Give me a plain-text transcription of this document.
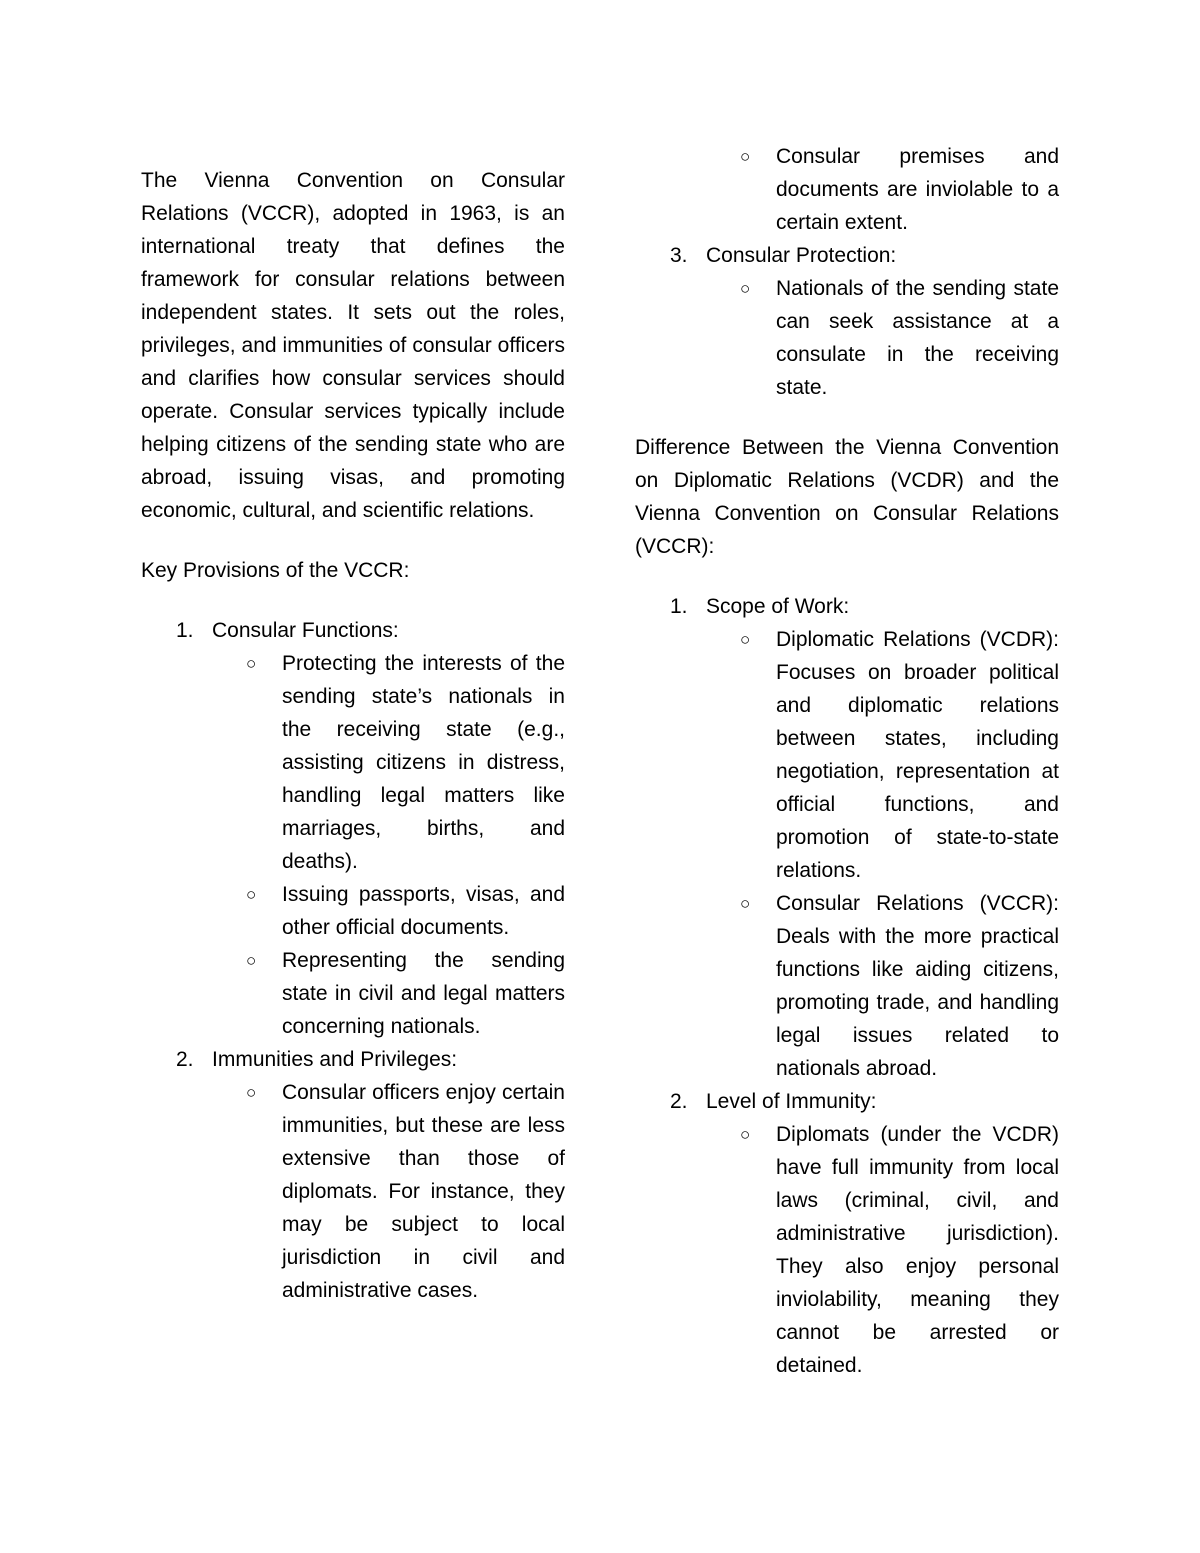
The Vienna Convention on Consular Relations (VCCR), adopted in 1963, is an international treaty that defines the framework for consular relations between independent states. It sets out the roles, privileges, and immunities of consular officers and clarifies how consular services should operate. Consular services typically include helping citizens of the sending state who are abroad, issuing visas, and promoting economic, cultural, and scientific relations.

Key Provisions of the VCCR:

1. Consular Functions:
○ Protecting the interests of the sending state’s nationals in the receiving state (e.g., assisting citizens in distress, handling legal matters like marriages, births, and deaths).
○ Issuing passports, visas, and other official documents.
○ Representing the sending state in civil and legal matters concerning nationals.
2. Immunities and Privileges:
○ Consular officers enjoy certain immunities, but these are less extensive than those of diplomats. For instance, they may be subject to local jurisdiction in civil and administrative cases.
○ Consular premises and documents are inviolable to a certain extent.
3. Consular Protection:
○ Nationals of the sending state can seek assistance at a consulate in the receiving state.

Difference Between the Vienna Convention on Diplomatic Relations (VCDR) and the Vienna Convention on Consular Relations (VCCR):

1. Scope of Work:
○ Diplomatic Relations (VCDR): Focuses on broader political and diplomatic relations between states, including negotiation, representation at official functions, and promotion of state-to-state relations.
○ Consular Relations (VCCR): Deals with the more practical functions like aiding citizens, promoting trade, and handling legal issues related to nationals abroad.
2. Level of Immunity:
○ Diplomats (under the VCDR) have full immunity from local laws (criminal, civil, and administrative jurisdiction). They also enjoy personal inviolability, meaning they cannot be arrested or detained.
